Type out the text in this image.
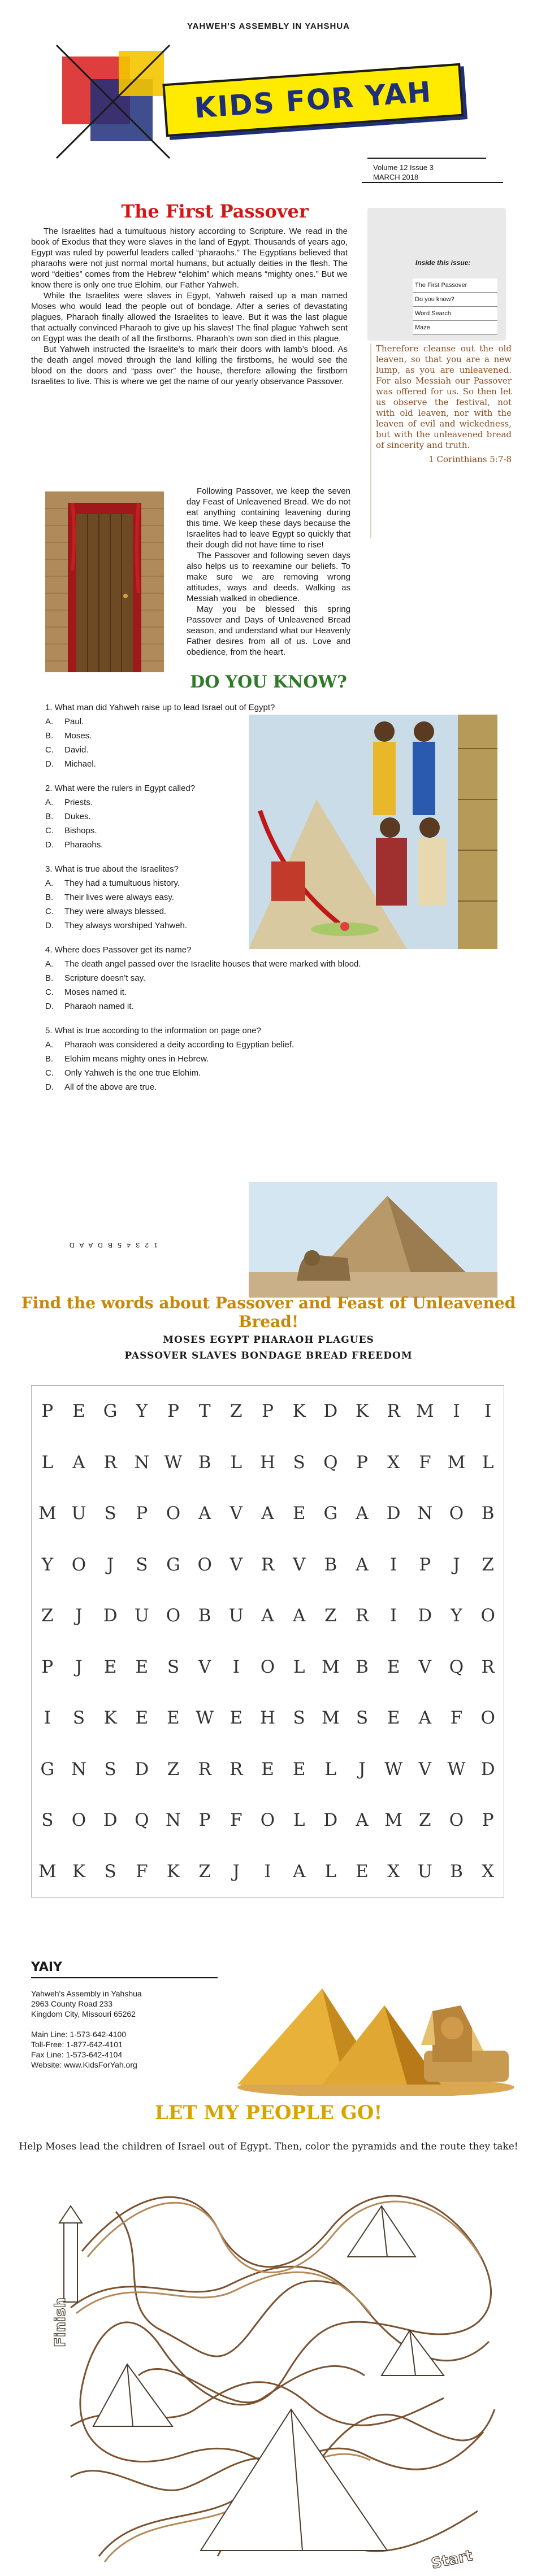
YAHWEH'S ASSEMBLY IN YAHSHUA
KIDS FOR YAH
Volume 12 Issue 3
MARCH 2018
The First Passover

The Israelites had a tumultuous history according to Scripture. We read in the book of Exodus that they were slaves in the land of Egypt. Thousands of years ago, Egypt was ruled by powerful leaders called “pharaohs.” The Egyptians believed that pharaohs were not just normal mortal humans, but actually deities in the flesh. The word “deities” comes from the Hebrew “elohim” which means “mighty ones.” But we know there is only one true Elohim, our Father Yahweh.

While the Israelites were slaves in Egypt, Yahweh raised up a man named Moses who would lead the people out of bondage. After a series of devastating plagues, Pharaoh finally allowed the Israelites to leave. But it was the last plague that actually convinced Pharaoh to give up his slaves! The final plague Yahweh sent on Egypt was the death of all the firstborns. Pharaoh’s own son died in this plague.

But Yahweh instructed the Israelite’s to mark their doors with lamb’s blood. As the death angel moved through the land killing the firstborns, he would see the blood on the doors and “pass over” the house, therefore allowing the firstborn Israelites to live. This is where we get the name of our yearly observance Passover.

Following Passover, we keep the seven day Feast of Unleavened Bread. We do not eat anything containing leavening during this time. We keep these days because the Israelites had to leave Egypt so quickly that their dough did not have time to rise!

The Passover and following seven days also helps us to reexamine our beliefs. To make sure we are removing wrong attitudes, ways and deeds. Walking as Messiah walked in obedience.

May you be blessed this spring Passover and Days of Unleavened Bread season, and understand what our Heavenly Father desires from all of us. Love and obedience, from the heart.

Inside this issue:
The First Passover
Do you know?
Word Search
Maze
Therefore cleanse out the old leaven, so that you are a new lump, as you are unleavened. For also Messiah our Passover was offered for us. So then let us observe the festival, not with old leaven, nor with the leaven of evil and wickedness, but with the unleavened bread of sincerity and truth.
1 Corinthians 5:7-8
DO YOU KNOW?

1. What man did Yahweh raise up to lead Israel out of Egypt?

A. Paul.

B. Moses.

C. David.

D. Michael.

2. What were the rulers in Egypt called?

A. Priests.

B. Dukes.

C. Bishops.

D. Pharaohs.

3. What is true about the Israelites?

A. They had a tumultuous history.

B. Their lives were always easy.

C. They were always blessed.

D. They always worshiped Yahweh.

4. Where does Passover get its name?

A. The death angel passed over the Israelite houses that were marked with blood.

B. Scripture doesn’t say.

C. Moses named it.

D. Pharaoh named it.

5. What is true according to the information on page one?

A. Pharaoh was considered a deity according to Egyptian belief.

B. Elohim means mighty ones in Hebrew.

C. Only Yahweh is the one true Elohim.

D. All of the above are true.

1 2 3 4 5 B D A A D
Find the words about Passover and Feast of Unleavened Bread!
MOSES EGYPT PHARAOH PLAGUES
PASSOVER SLAVES BONDAGE BREAD FREEDOM
P	E	G	Y	P	T	Z	P	K	D	K	R M	I	I
L	A	R N W B	L	H	S	Q	P	X	F M L
M U	S	P	O	A	V	A	E	G	A	D N O	B
Y	O	J	S	G O	V	R	V	B	A	I	P	J	Z
Z	J	D U O	B	U	A	A	Z	R	I	D	Y	O
P	J	E	E	S	V	I	O	L M B	E	V	Q	R
I	S	K	E	E W E H	S M S	E	A	F	O
G N	S	D	Z	R	R	E	E	L	J	W V W D
S	O D Q N	P	F	O	L	D	A M Z	O	P
M K	S	F	K	Z	J	I	A	L	E	X	U	B	X
YAIY

Yahweh's Assembly in Yahshua

2963 County Road 233

Kingdom City, Missouri 65262

Main Line: 1-573-642-4100

Toll-Free: 1-877-642-4101

Fax Line: 1-573-642-4104

Website: www.KidsForYah.org

LET MY PEOPLE GO!
Help Moses lead the children of Israel out of Egypt. Then, color the pyramids and the route they take!
Finish
Start
